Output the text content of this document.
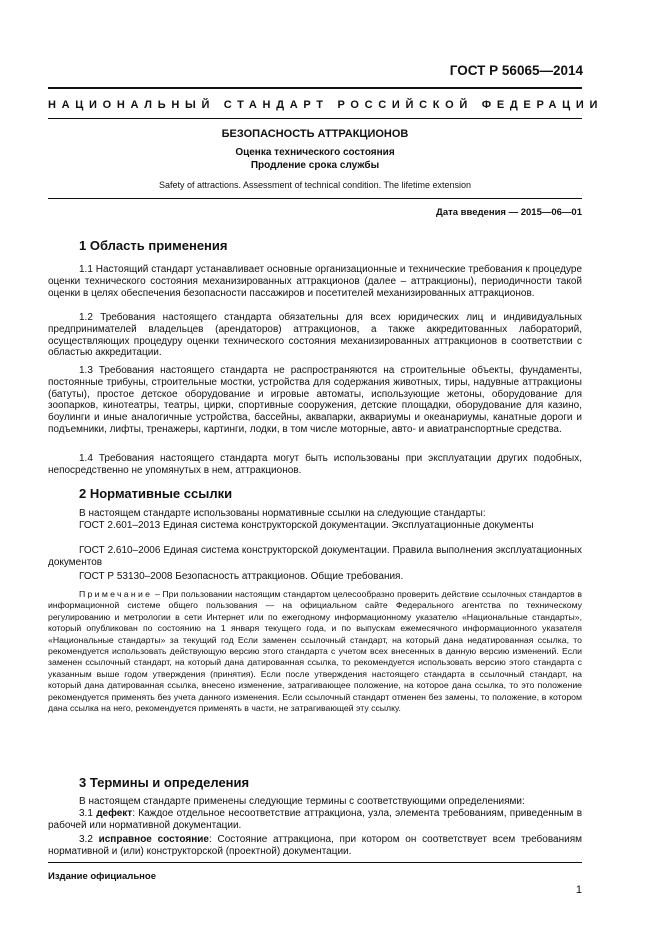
ГОСТ Р 56065—2014
НАЦИОНАЛЬНЫЙ СТАНДАРТ РОССИЙСКОЙ ФЕДЕРАЦИИ
БЕЗОПАСНОСТЬ АТТРАКЦИОНОВ
Оценка технического состояния
Продление срока службы
Safety of attractions. Assessment of technical condition. The lifetime extension
Дата введения — 2015—06—01
1 Область применения
1.1 Настоящий стандарт устанавливает основные организационные и технические требования к процедуре оценки технического состояния механизированных аттракционов (далее – аттракционы), периодичности такой оценки в целях обеспечения безопасности пассажиров и посетителей механизированных аттракционов.
1.2 Требования настоящего стандарта обязательны для всех юридических лиц и индивидуальных предпринимателей владельцев (арендаторов) аттракционов, а также аккредитованных лабораторий, осуществляющих процедуру оценки технического состояния механизированных аттракционов в соответствии с областью аккредитации.
1.3 Требования настоящего стандарта не распространяются на строительные объекты, фундаменты, постоянные трибуны, строительные мостки, устройства для содержания животных, тиры, надувные аттракционы (батуты), простое детское оборудование и игровые автоматы, использующие жетоны, оборудование для зоопарков, кинотеатры, театры, цирки, спортивные сооружения, детские площадки, оборудование для казино, боулинги и иные аналогичные устройства, бассейны, аквапарки, аквариумы и океанариумы, канатные дороги и подъемники, лифты, тренажеры, картинги, лодки, в том числе моторные, авто- и авиатранспортные средства.
1.4 Требования настоящего стандарта могут быть использованы при эксплуатации других подобных, непосредственно не упомянутых в нем, аттракционов.
2 Нормативные ссылки
В настоящем стандарте использованы нормативные ссылки на следующие стандарты:
ГОСТ 2.601–2013 Единая система конструкторской документации. Эксплуатационные документы
ГОСТ 2.610–2006 Единая система конструкторской документации. Правила выполнения эксплуатационных документов
ГОСТ Р 53130–2008 Безопасность аттракционов. Общие требования.
Примечание – При пользовании настоящим стандартом целесообразно проверить действие ссылочных стандартов в информационной системе общего пользования — на официальном сайте Федерального агентства по техническому регулированию и метрологии в сети Интернет или по ежегодному информационному указателю «Национальные стандарты», который опубликован по состоянию на 1 января текущего года, и по выпускам ежемесячного информационного указателя «Национальные стандарты» за текущий год Если заменен ссылочный стандарт, на который дана недатированная ссылка, то рекомендуется использовать действующую версию этого стандарта с учетом всех внесенных в данную версию изменений. Если заменен ссылочный стандарт, на который дана датированная ссылка, то рекомендуется использовать версию этого стандарта с указанным выше годом утверждения (принятия). Если после утверждения настоящего стандарта в ссылочный стандарт, на который дана датированная ссылка, внесено изменение, затрагивающее положение, на которое дана ссылка, то это положение рекомендуется применять без учета данного изменения. Если ссылочный стандарт отменен без замены, то положение, в котором дана ссылка на него, рекомендуется применять в части, не затрагивающей эту ссылку.
3 Термины и определения
В настоящем стандарте применены следующие термины с соответствующими определениями:
3.1 дефект: Каждое отдельное несоответствие аттракциона, узла, элемента требованиям, приведенным в рабочей или нормативной документации.
3.2 исправное состояние: Состояние аттракциона, при котором он соответствует всем требованиям нормативной и (или) конструкторской (проектной) документации.
Издание официальное
1
